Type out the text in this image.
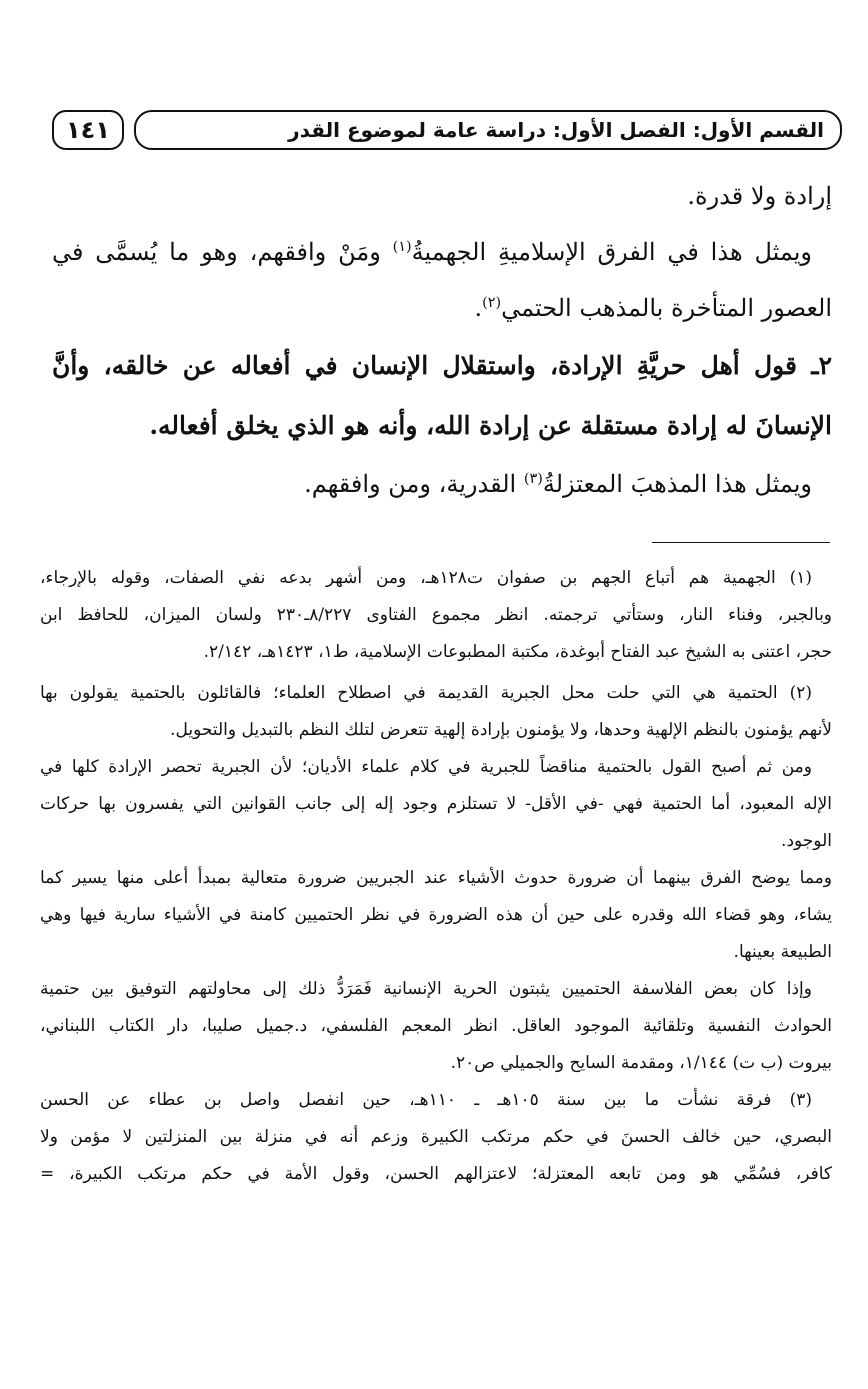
القسم الأول: الفصل الأول: دراسة عامة لموضوع القدر
١٤١

إرادة ولا قدرة.

ويمثل هذا في الفرق الإسلاميةِ الجهميةُ$^{(١)}$ ومَنْ وافقهم، وهو ما يُسمَّى في

العصور المتأخرة بالمذهب الحتمي$^{(٢)}$.

٢ـ قول أهل حريَّةِ الإرادة، واستقلال الإنسان في أفعاله عن خالقه، وأنَّ

الإنسانَ له إرادة مستقلة عن إرادة الله، وأنه هو الذي يخلق أفعاله.

ويمثل هذا المذهبَ المعتزلةُ$^{(٣)}$ القدرية، ومن وافقهم.

(١) الجهمية هم أتباع الجهم بن صفوان ت١٢٨هـ، ومن أشهر بدعه نفي الصفات، وقوله بالإرجاء،

وبالجبر، وفناء النار، وستأتي ترجمته. انظر مجموع الفتاوى ٨/٢٢٧ـ٢٣٠ ولسان الميزان، للحافظ ابن

حجر، اعتنى به الشيخ عبد الفتاح أبوغدة، مكتبة المطبوعات الإسلامية، ط١، ١٤٢٣هـ، ٢/١٤٢.

(٢) الحتمية هي التي حلت محل الجبرية القديمة في اصطلاح العلماء؛ فالقائلون بالحتمية يقولون بها

لأنهم يؤمنون بالنظم الإلهية وحدها، ولا يؤمنون بإرادة إلهية تتعرض لتلك النظم بالتبديل والتحويل.

ومن ثم أصبح القول بالحتمية مناقضاً للجبرية في كلام علماء الأديان؛ لأن الجبرية تحصر الإرادة كلها في

الإله المعبود، أما الحتمية فهي -في الأقل- لا تستلزم وجود إله إلى جانب القوانين التي يفسرون بها حركات

الوجود.

ومما يوضح الفرق بينهما أن ضرورة حدوث الأشياء عند الجبريين ضرورة متعالية بمبدأ أعلى منها يسير كما

يشاء، وهو قضاء الله وقدره على حين أن هذه الضرورة في نظر الحتميين كامنة في الأشياء سارية فيها وهي

الطبيعة بعينها.

وإذا كان بعض الفلاسفة الحتميين يثبتون الحرية الإنسانية فَمَرَدُّ ذلك إلى محاولتهم التوفيق بين حتمية

الحوادث النفسية وتلقائية الموجود العاقل. انظر المعجم الفلسفي، د.جميل صليبا، دار الكتاب اللبناني،

بيروت (ب ت) ١/١٤٤، ومقدمة السايح والجميلي ص٢٠.

(٣) فرقة نشأت ما بين سنة ١٠٥هـ ـ ١١٠هـ، حين انفصل واصل بن عطاء عن الحسن

البصري، حين خالف الحسنَ في حكم مرتكب الكبيرة وزعم أنه في منزلة بين المنزلتين لا مؤمن ولا

كافر، فسُمِّي هو ومن تابعه المعتزلة؛ لاعتزالهم الحسن، وقول الأمة في حكم مرتكب الكبيرة، =
